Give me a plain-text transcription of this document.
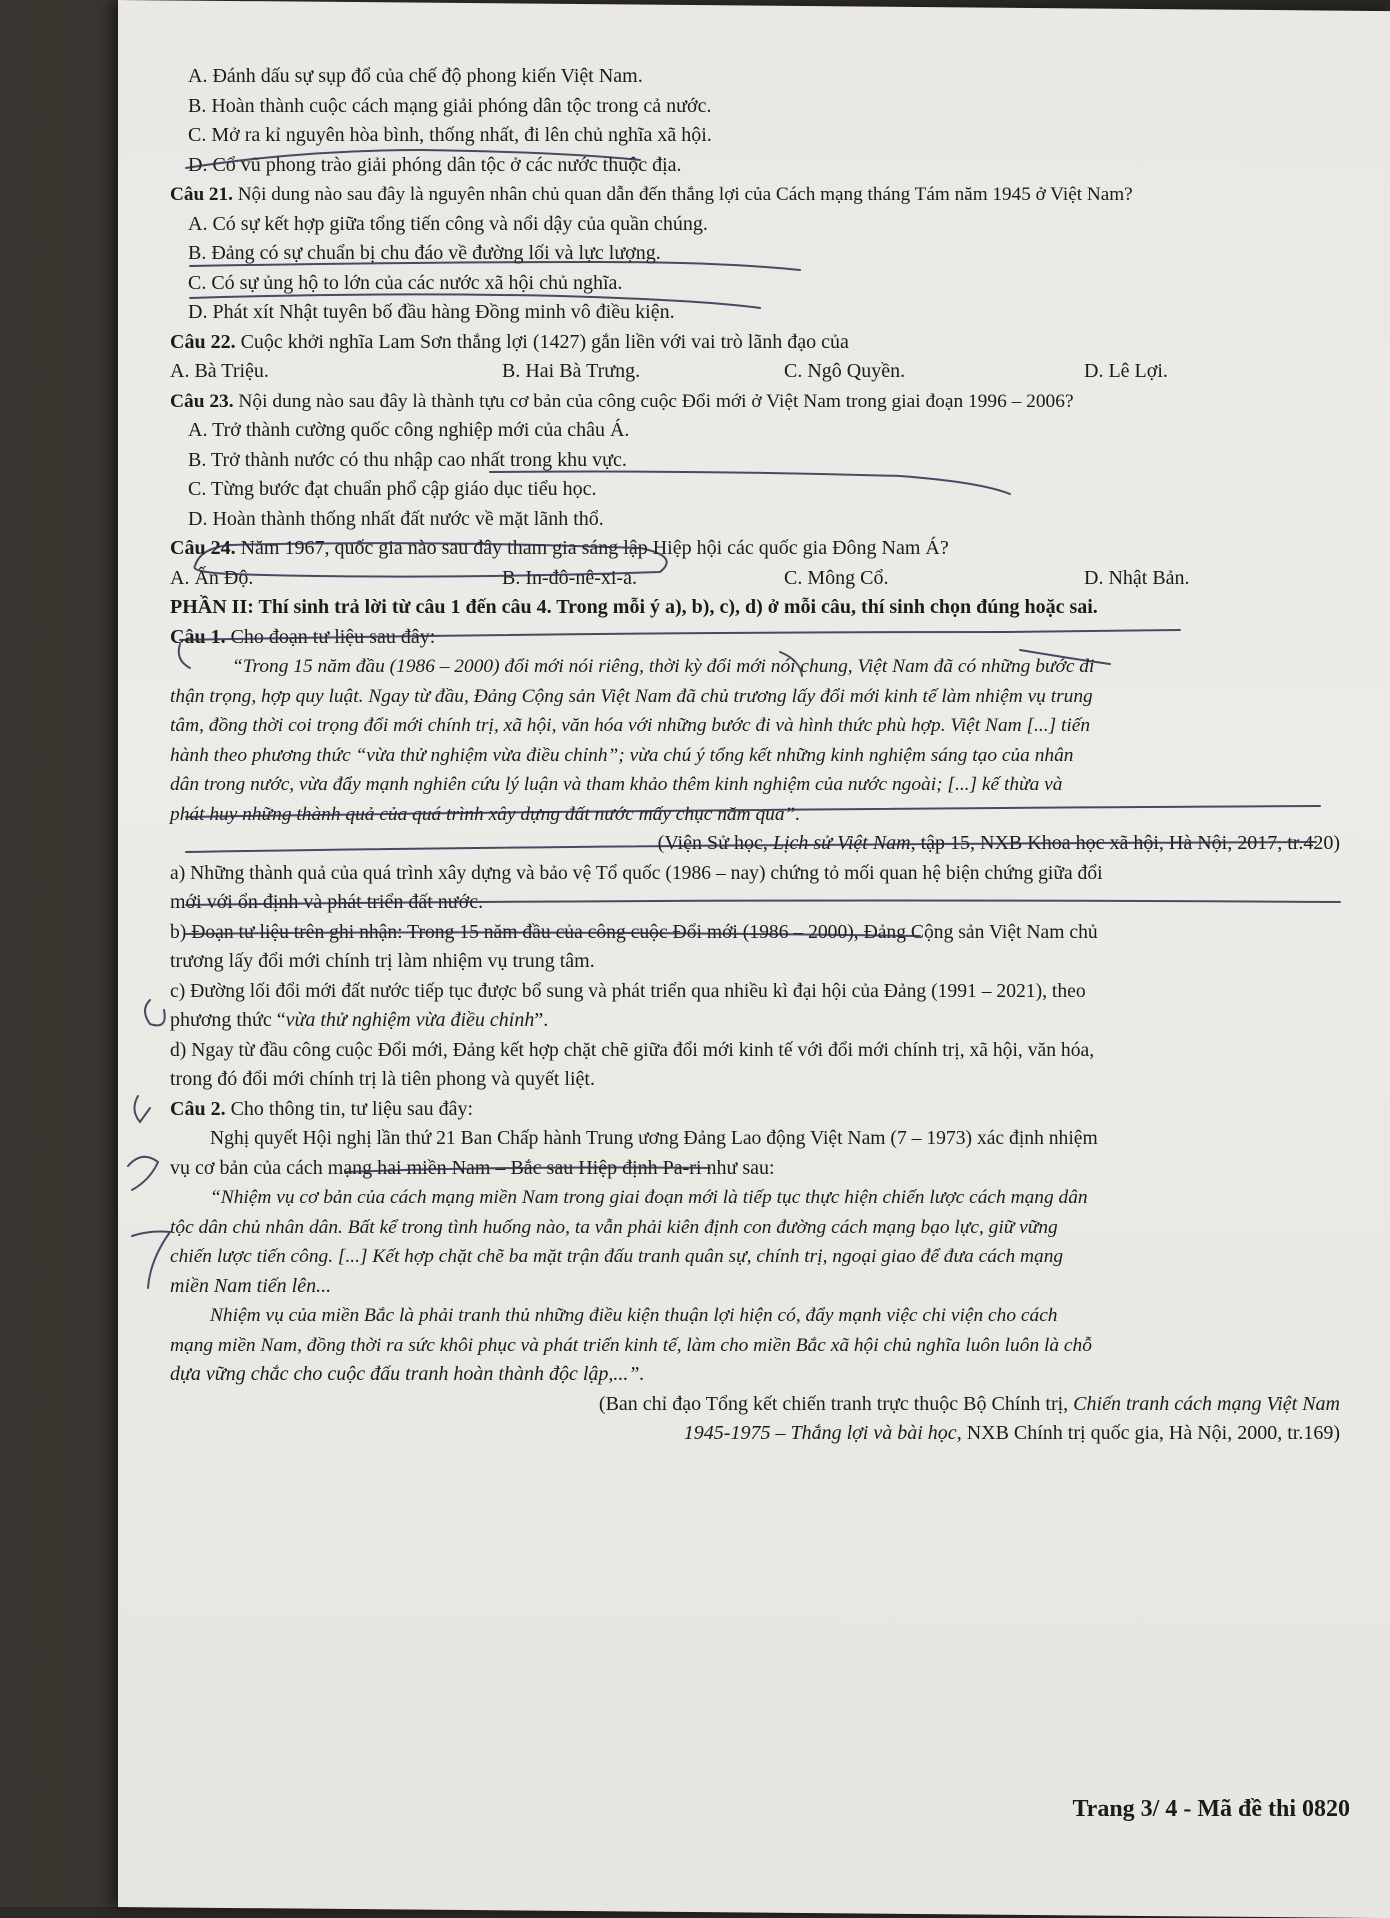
A. Đánh dấu sự sụp đổ của chế độ phong kiến Việt Nam.
B. Hoàn thành cuộc cách mạng giải phóng dân tộc trong cả nước.
C. Mở ra kỉ nguyên hòa bình, thống nhất, đi lên chủ nghĩa xã hội.
D. Cổ vũ phong trào giải phóng dân tộc ở các nước thuộc địa.
Câu 21. Nội dung nào sau đây là nguyên nhân chủ quan dẫn đến thắng lợi của Cách mạng tháng Tám năm 1945 ở Việt Nam?
A. Có sự kết hợp giữa tổng tiến công và nổi dậy của quần chúng.
B. Đảng có sự chuẩn bị chu đáo về đường lối và lực lượng.
C. Có sự ủng hộ to lớn của các nước xã hội chủ nghĩa.
D. Phát xít Nhật tuyên bố đầu hàng Đồng minh vô điều kiện.
Câu 22. Cuộc khởi nghĩa Lam Sơn thắng lợi (1427) gắn liền với vai trò lãnh đạo của
A. Bà Triệu.	B. Hai Bà Trưng.	C. Ngô Quyền.	D. Lê Lợi.
Câu 23. Nội dung nào sau đây là thành tựu cơ bản của công cuộc Đổi mới ở Việt Nam trong giai đoạn 1996 – 2006?
A. Trở thành cường quốc công nghiệp mới của châu Á.
B. Trở thành nước có thu nhập cao nhất trong khu vực.
C. Từng bước đạt chuẩn phổ cập giáo dục tiểu học.
D. Hoàn thành thống nhất đất nước về mặt lãnh thổ.
Câu 24. Năm 1967, quốc gia nào sau đây tham gia sáng lập Hiệp hội các quốc gia Đông Nam Á?
A. Ấn Độ.	B. In-đô-nê-xi-a.	C. Mông Cổ.	D. Nhật Bản.
PHẦN II: Thí sinh trả lời từ câu 1 đến câu 4. Trong mỗi ý a), b), c), d) ở mỗi câu, thí sinh chọn đúng hoặc sai.
Câu 1. Cho đoạn tư liệu sau đây:
“Trong 15 năm đầu (1986 – 2000) đổi mới nói riêng, thời kỳ đổi mới nói chung, Việt Nam đã có những bước đi
thận trọng, hợp quy luật. Ngay từ đầu, Đảng Cộng sản Việt Nam đã chủ trương lấy đổi mới kinh tế làm nhiệm vụ trung
tâm, đồng thời coi trọng đổi mới chính trị, xã hội, văn hóa với những bước đi và hình thức phù hợp. Việt Nam [...] tiến
hành theo phương thức “vừa thử nghiệm vừa điều chỉnh”; vừa chú ý tổng kết những kinh nghiệm sáng tạo của nhân
dân trong nước, vừa đẩy mạnh nghiên cứu lý luận và tham khảo thêm kinh nghiệm của nước ngoài; [...] kế thừa và
phát huy những thành quả của quá trình xây dựng đất nước mấy chục năm qua”.
(Viện Sử học, Lịch sử Việt Nam, tập 15, NXB Khoa học xã hội, Hà Nội, 2017, tr.420)
a) Những thành quả của quá trình xây dựng và bảo vệ Tổ quốc (1986 – nay) chứng tỏ mối quan hệ biện chứng giữa đổi
mới với ổn định và phát triển đất nước.
b) Đoạn tư liệu trên ghi nhận: Trong 15 năm đầu của công cuộc Đổi mới (1986 – 2000), Đảng Cộng sản Việt Nam chủ
trương lấy đổi mới chính trị làm nhiệm vụ trung tâm.
c) Đường lối đổi mới đất nước tiếp tục được bổ sung và phát triển qua nhiều kì đại hội của Đảng (1991 – 2021), theo
phương thức “vừa thử nghiệm vừa điều chỉnh”.
d) Ngay từ đầu công cuộc Đổi mới, Đảng kết hợp chặt chẽ giữa đổi mới kinh tế với đổi mới chính trị, xã hội, văn hóa,
trong đó đổi mới chính trị là tiên phong và quyết liệt.
Câu 2. Cho thông tin, tư liệu sau đây:
Nghị quyết Hội nghị lần thứ 21 Ban Chấp hành Trung ương Đảng Lao động Việt Nam (7 – 1973) xác định nhiệm
vụ cơ bản của cách mạng hai miền Nam – Bắc sau Hiệp định Pa-ri như sau:
“Nhiệm vụ cơ bản của cách mạng miền Nam trong giai đoạn mới là tiếp tục thực hiện chiến lược cách mạng dân
tộc dân chủ nhân dân. Bất kể trong tình huống nào, ta vẫn phải kiên định con đường cách mạng bạo lực, giữ vững
chiến lược tiến công. [...] Kết hợp chặt chẽ ba mặt trận đấu tranh quân sự, chính trị, ngoại giao để đưa cách mạng
miền Nam tiến lên...
Nhiệm vụ của miền Bắc là phải tranh thủ những điều kiện thuận lợi hiện có, đẩy mạnh việc chi viện cho cách
mạng miền Nam, đồng thời ra sức khôi phục và phát triển kinh tế, làm cho miền Bắc xã hội chủ nghĩa luôn luôn là chỗ
dựa vững chắc cho cuộc đấu tranh hoàn thành độc lập,...”.
(Ban chỉ đạo Tổng kết chiến tranh trực thuộc Bộ Chính trị, Chiến tranh cách mạng Việt Nam
1945-1975 – Thắng lợi và bài học, NXB Chính trị quốc gia, Hà Nội, 2000, tr.169)
Trang 3/ 4 - Mã đề thi 0820
